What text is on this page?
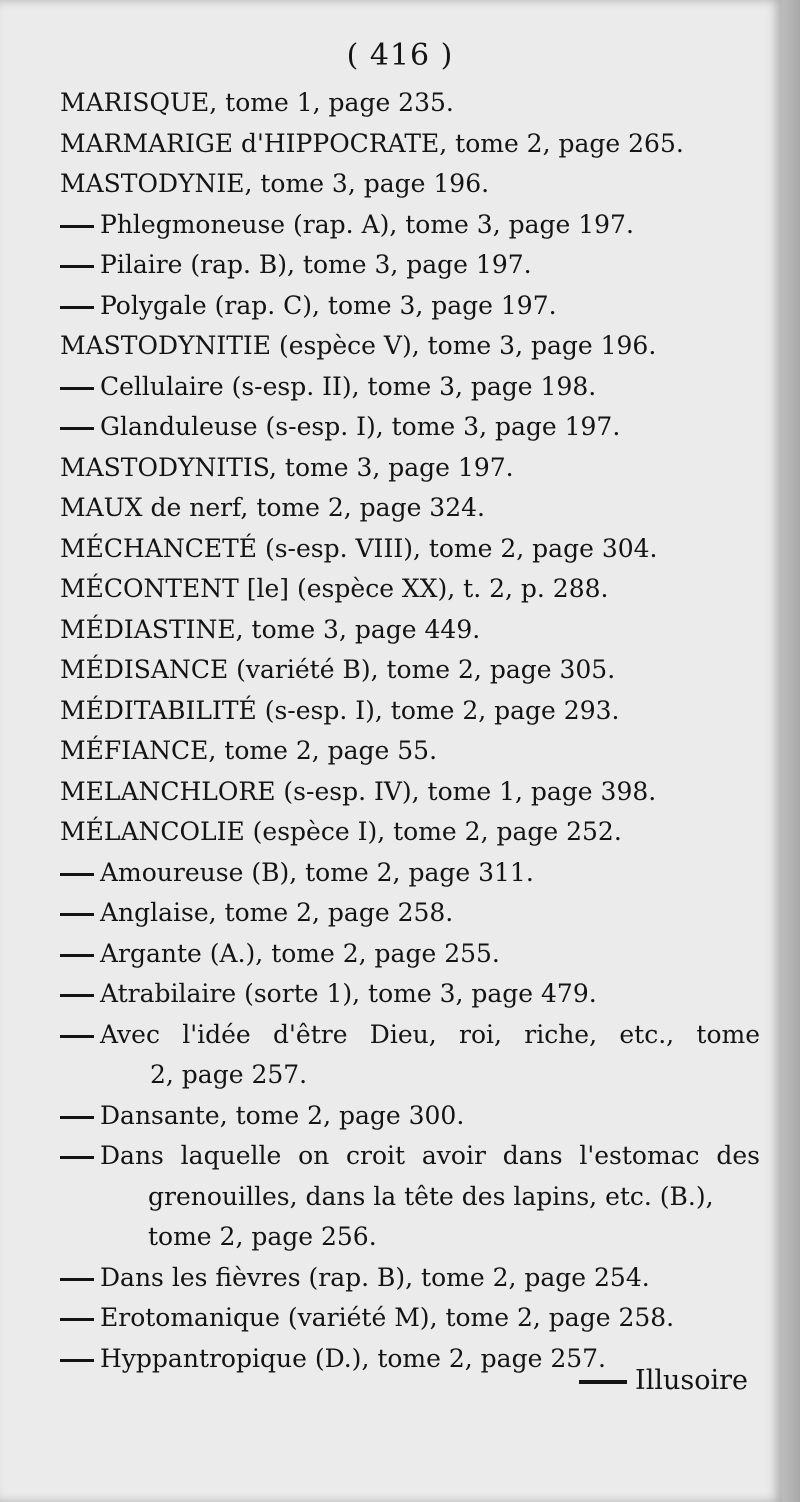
( 416 )
MARISQUE, tome 1, page 235.
MARMARIGE d'HIPPOCRATE, tome 2, page 265.
MASTODYNIE, tome 3, page 196.
Phlegmoneuse (rap. A), tome 3, page 197.
Pilaire (rap. B), tome 3, page 197.
Polygale (rap. C), tome 3, page 197.
MASTODYNITIE (espèce V), tome 3, page 196.
Cellulaire (s-esp. II), tome 3, page 198.
Glanduleuse (s-esp. I), tome 3, page 197.
MASTODYNITIS, tome 3, page 197.
MAUX de nerf, tome 2, page 324.
MÉCHANCETÉ (s-esp. VIII), tome 2, page 304.
MÉCONTENT [le] (espèce XX), t. 2, p. 288.
MÉDIASTINE, tome 3, page 449.
MÉDISANCE (variété B), tome 2, page 305.
MÉDITABILITÉ (s-esp. I), tome 2, page 293.
MÉFIANCE, tome 2, page 55.
MELANCHLORE (s-esp. IV), tome 1, page 398.
MÉLANCOLIE (espèce I), tome 2, page 252.
Amoureuse (B), tome 2, page 311.
Anglaise, tome 2, page 258.
Argante (A.), tome 2, page 255.
Atrabilaire (sorte 1), tome 3, page 479.
Avec l'idée d'être Dieu, roi, riche, etc., tome
2, page 257.
Dansante, tome 2, page 300.
Dans laquelle on croit avoir dans l'estomac des
grenouilles, dans la tête des lapins, etc. (B.),
tome 2, page 256.
Dans les fièvres (rap. B), tome 2, page 254.
Erotomanique (variété M), tome 2, page 258.
Hyppantropique (D.), tome 2, page 257.
Illusoire
